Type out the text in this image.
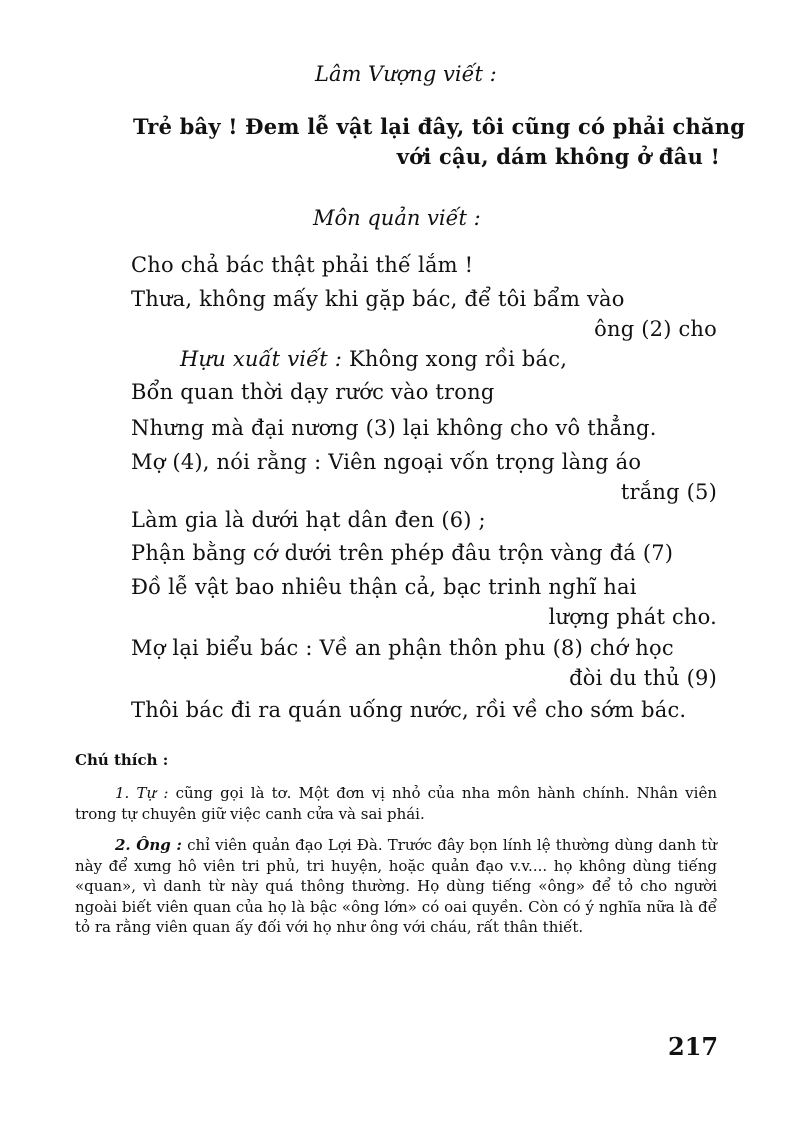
Lâm Vượng viết :
Trẻ bây ! Đem lễ vật lại đây, tôi cũng có phải chăng
với cậu, dám không ở đâu !
Môn quản viết :
Cho chả bác thật phải thế lắm !
Thưa, không mấy khi gặp bác, để tôi bẩm vào
ông (2) cho
Hựu xuất viết : Không xong rồi bác,
Bổn quan thời dạy rước vào trong
Nhưng mà đại nương (3) lại không cho vô thẳng.
Mợ (4), nói rằng : Viên ngoại vốn trọng làng áo
trắng (5)
Làm gia là dưới hạt dân đen (6) ;
Phận bằng cớ dưới trên phép đâu trộn vàng đá (7)
Đồ lễ vật bao nhiêu thận cả, bạc trinh nghĩ hai
lượng phát cho.
Mợ lại biểu bác : Về an phận thôn phu (8) chớ học
đòi du thủ (9)
Thôi bác đi ra quán uống nước, rồi về cho sớm bác.
Chú thích :
1. Tự : cũng gọi là tơ. Một đơn vị nhỏ của nha môn hành chính. Nhân viên trong tự chuyên giữ việc canh cửa và sai phái.
2. Ông : chỉ viên quản đạo Lợi Đà. Trước đây bọn lính lệ thường dùng danh từ này để xưng hô viên tri phủ, tri huyện, hoặc quản đạo v.v.... họ không dùng tiếng «quan», vì danh từ này quá thông thường. Họ dùng tiếng «ông» để tỏ cho người ngoài biết viên quan của họ là bậc «ông lớn» có oai quyền. Còn có ý nghĩa nữa là để tỏ ra rằng viên quan ấy đối với họ như ông với cháu, rất thân thiết.
217
